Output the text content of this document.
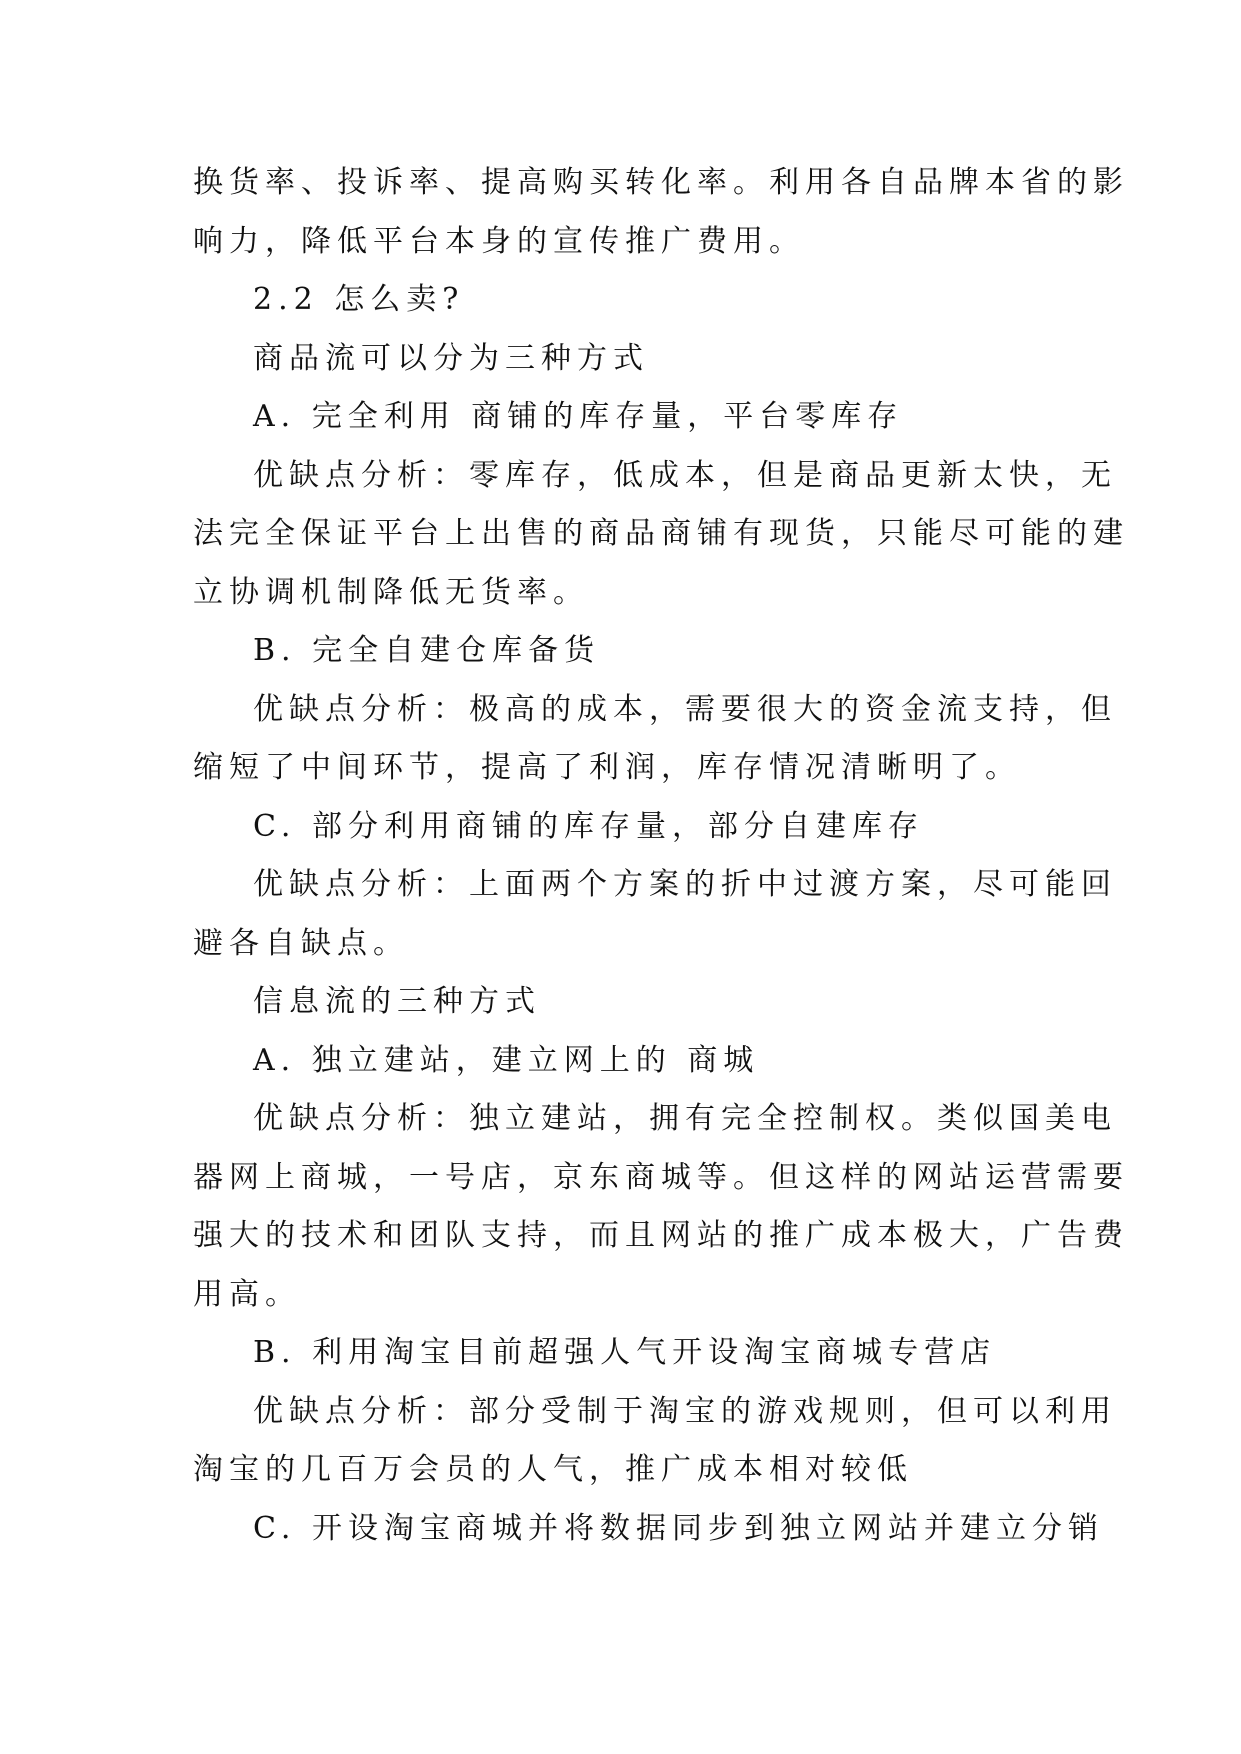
换货率、投诉率、提高购买转化率。利用各自品牌本省的影
响力，降低平台本身的宣传推广费用。
2.2 怎么卖?
商品流可以分为三种方式
A. 完全利用 商铺的库存量，平台零库存
优缺点分析：零库存，低成本，但是商品更新太快，无
法完全保证平台上出售的商品商铺有现货，只能尽可能的建
立协调机制降低无货率。
B. 完全自建仓库备货
优缺点分析：极高的成本，需要很大的资金流支持，但
缩短了中间环节，提高了利润，库存情况清晰明了。
C. 部分利用商铺的库存量，部分自建库存
优缺点分析：上面两个方案的折中过渡方案，尽可能回
避各自缺点。
信息流的三种方式
A. 独立建站，建立网上的 商城
优缺点分析：独立建站，拥有完全控制权。类似国美电
器网上商城，一号店，京东商城等。但这样的网站运营需要
强大的技术和团队支持，而且网站的推广成本极大，广告费
用高。
B. 利用淘宝目前超强人气开设淘宝商城专营店
优缺点分析：部分受制于淘宝的游戏规则，但可以利用
淘宝的几百万会员的人气，推广成本相对较低
C. 开设淘宝商城并将数据同步到独立网站并建立分销
